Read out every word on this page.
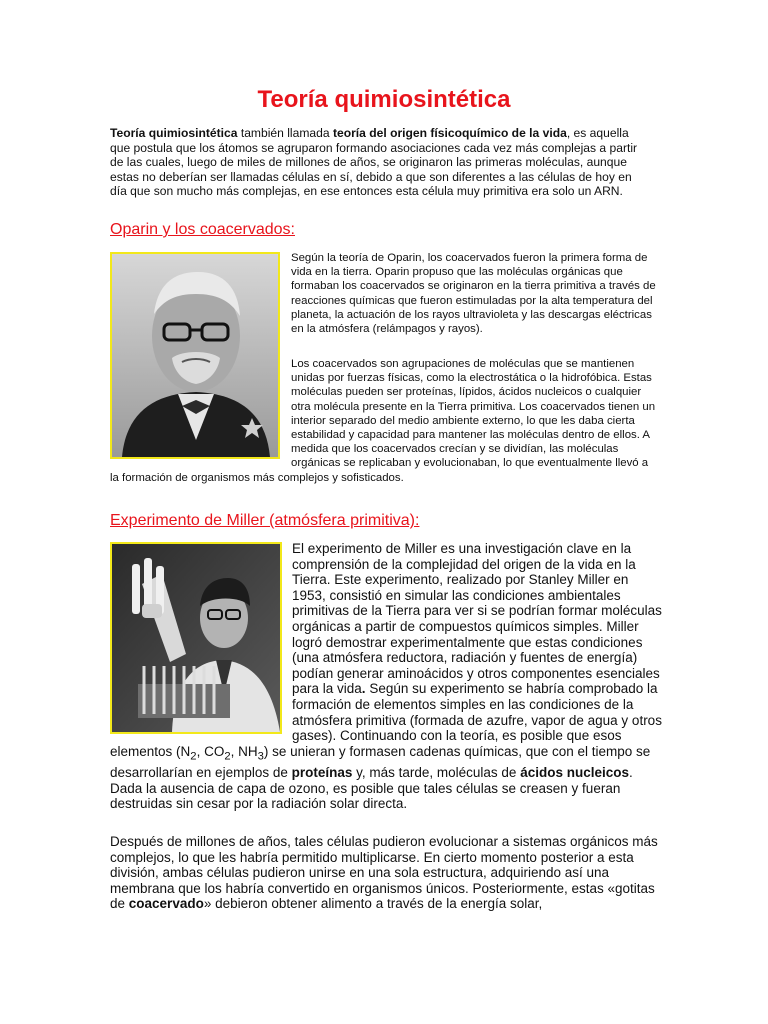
Teoría quimiosintética

Teoría quimiosintética también llamada teoría del origen físicoquímico de la vida, es aquella que postula que los átomos se agruparon formando asociaciones cada vez más complejas a partir de las cuales, luego de miles de millones de años, se originaron las primeras moléculas, aunque estas no deberían ser llamadas células en sí, debido a que son diferentes a las células de hoy en día que son mucho más complejas, en ese entonces esta célula muy primitiva era solo un ARN.

Oparin y los coacervados:

Según la teoría de Oparin, los coacervados fueron la primera forma de vida en la tierra. Oparin propuso que las moléculas orgánicas que formaban los coacervados se originaron en la tierra primitiva a través de reacciones químicas que fueron estimuladas por la alta temperatura del planeta, la actuación de los rayos ultravioleta y las descargas eléctricas en la atmósfera (relámpagos y rayos).

Los coacervados son agrupaciones de moléculas que se mantienen unidas por fuerzas físicas, como la electrostática o la hidrofóbica. Estas moléculas pueden ser proteínas, lípidos, ácidos nucleicos o cualquier otra molécula presente en la Tierra primitiva. Los coacervados tienen un interior separado del medio ambiente externo, lo que les daba cierta estabilidad y capacidad para mantener las moléculas dentro de ellos. A medida que los coacervados crecían y se dividían, las moléculas orgánicas se replicaban y evolucionaban, lo que eventualmente llevó a la formación de organismos más complejos y sofisticados.

Experimento de Miller (atmósfera primitiva):

El experimento de Miller es una investigación clave en la comprensión de la complejidad del origen de la vida en la Tierra. Este experimento, realizado por Stanley Miller en 1953, consistió en simular las condiciones ambientales primitivas de la Tierra para ver si se podrían formar moléculas orgánicas a partir de compuestos químicos simples. Miller logró demostrar experimentalmente que estas condiciones (una atmósfera reductora, radiación y fuentes de energía) podían generar aminoácidos y otros componentes esenciales para la vida. Según su experimento se habría comprobado la formación de elementos simples en las condiciones de la atmósfera primitiva (formada de azufre, vapor de agua y otros gases). Continuando con la teoría, es posible que esos elementos ($N_2$, $CO_2$, $NH_3$) se unieran y formasen cadenas químicas, que con el tiempo se desarrollarían en ejemplos de proteínas y, más tarde, moléculas de ácidos nucleicos. Dada la ausencia de capa de ozono, es posible que tales células se creasen y fueran destruidas sin cesar por la radiación solar directa.

Después de millones de años, tales células pudieron evolucionar a sistemas orgánicos más complejos, lo que les habría permitido multiplicarse. En cierto momento posterior a esta división, ambas células pudieron unirse en una sola estructura, adquiriendo así una membrana que los habría convertido en organismos únicos. Posteriormente, estas «gotitas de coacervado» debieron obtener alimento a través de la energía solar,
